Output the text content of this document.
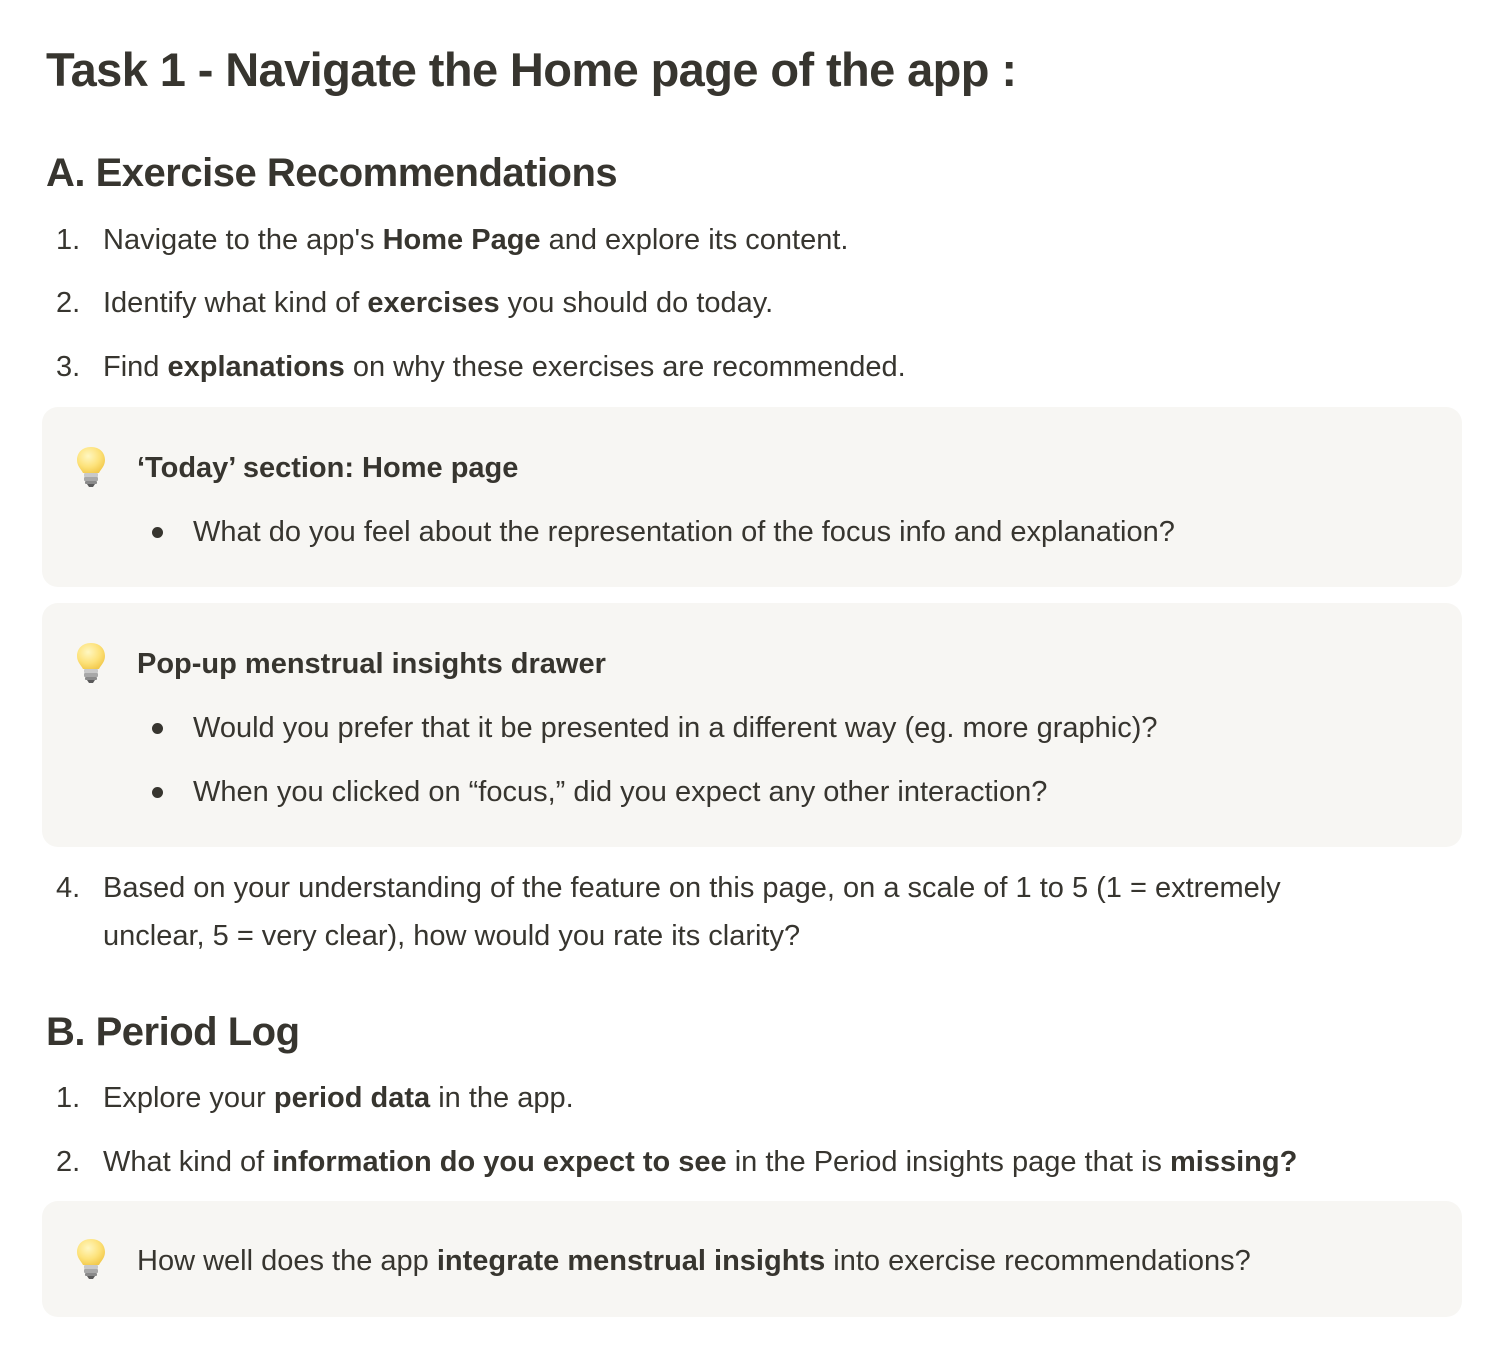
Task 1 - Navigate the Home page of the app :
A. Exercise Recommendations
1. Navigate to the app's Home Page and explore its content.
2. Identify what kind of exercises you should do today.
3. Find explanations on why these exercises are recommended.
‘Today’ section: Home page
What do you feel about the representation of the focus info and explanation?
Pop-up menstrual insights drawer
Would you prefer that it be presented in a different way (eg. more graphic)?
When you clicked on “focus,” did you expect any other interaction?
4. Based on your understanding of the feature on this page, on a scale of 1 to 5 (1 = extremely
unclear, 5 = very clear), how would you rate its clarity?
B. Period Log
1. Explore your period data in the app.
2. What kind of information do you expect to see in the Period insights page that is missing?
How well does the app integrate menstrual insights into exercise recommendations?
